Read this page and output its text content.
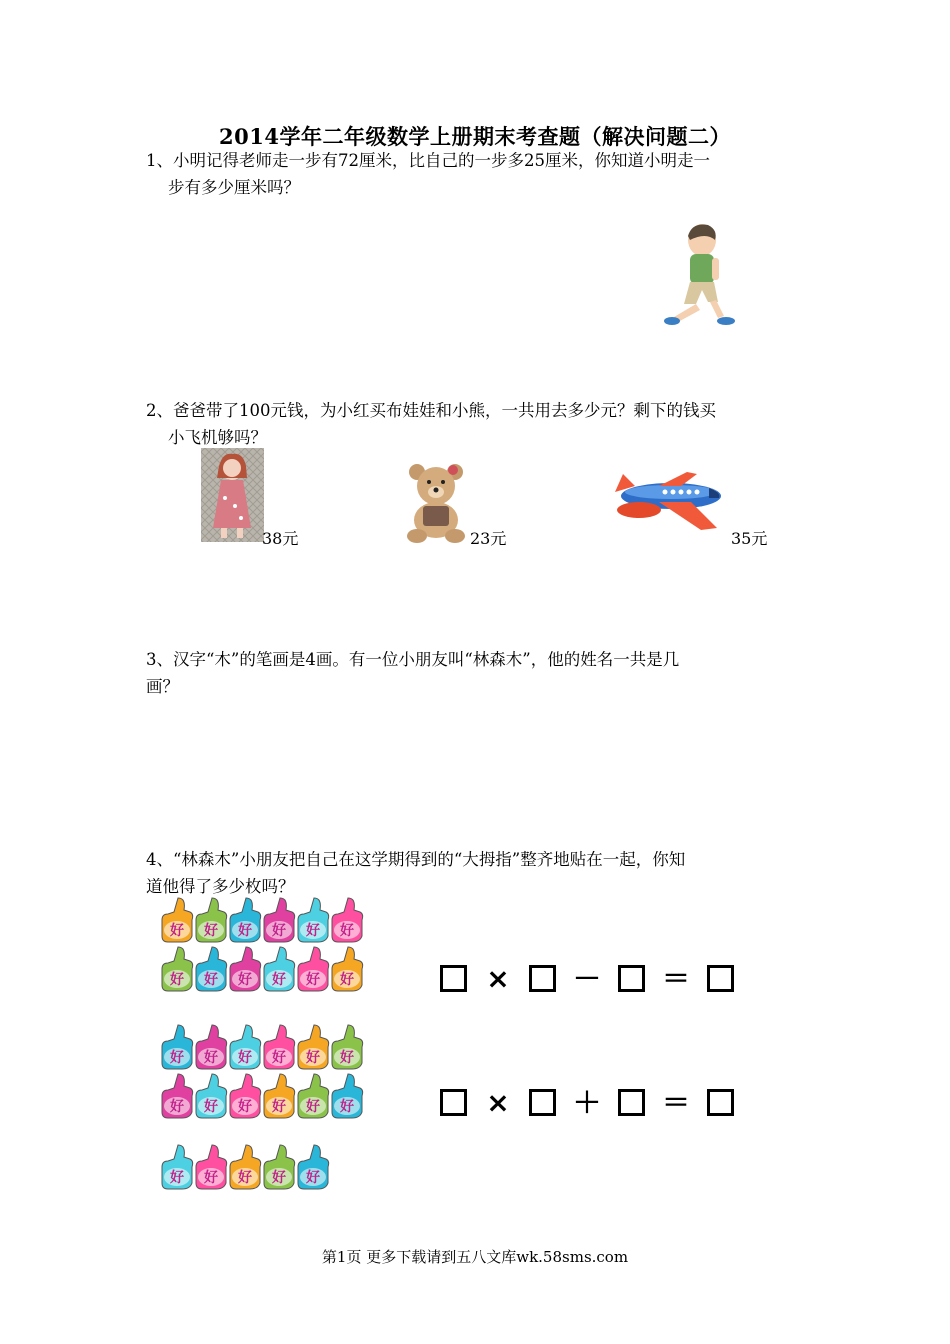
2014学年二年级数学上册期末考查题（解决问题二）
1、小明记得老师走一步有72厘米，比自己的一步多25厘米，你知道小明走一
步有多少厘米吗？
2、爸爸带了100元钱，为小红买布娃娃和小熊，一共用去多少元？剩下的钱买
小飞机够吗？
38元	23元	35元
3、汉字“木”的笔画是4画。有一位小朋友叫“林森木”，他的姓名一共是几
画？
4、“林森木”小朋友把自己在这学期得到的“大拇指”整齐地贴在一起，你知
道他得了多少枚吗？
好 好 好 好 好 好
好 好 好 好 好 好
好 好 好 好 好 好
好 好 好 好 好 好
好 好 好 好 好
×	－	＝
×	＋	＝
第1页 更多下载请到五八文库wk.58sms.com
